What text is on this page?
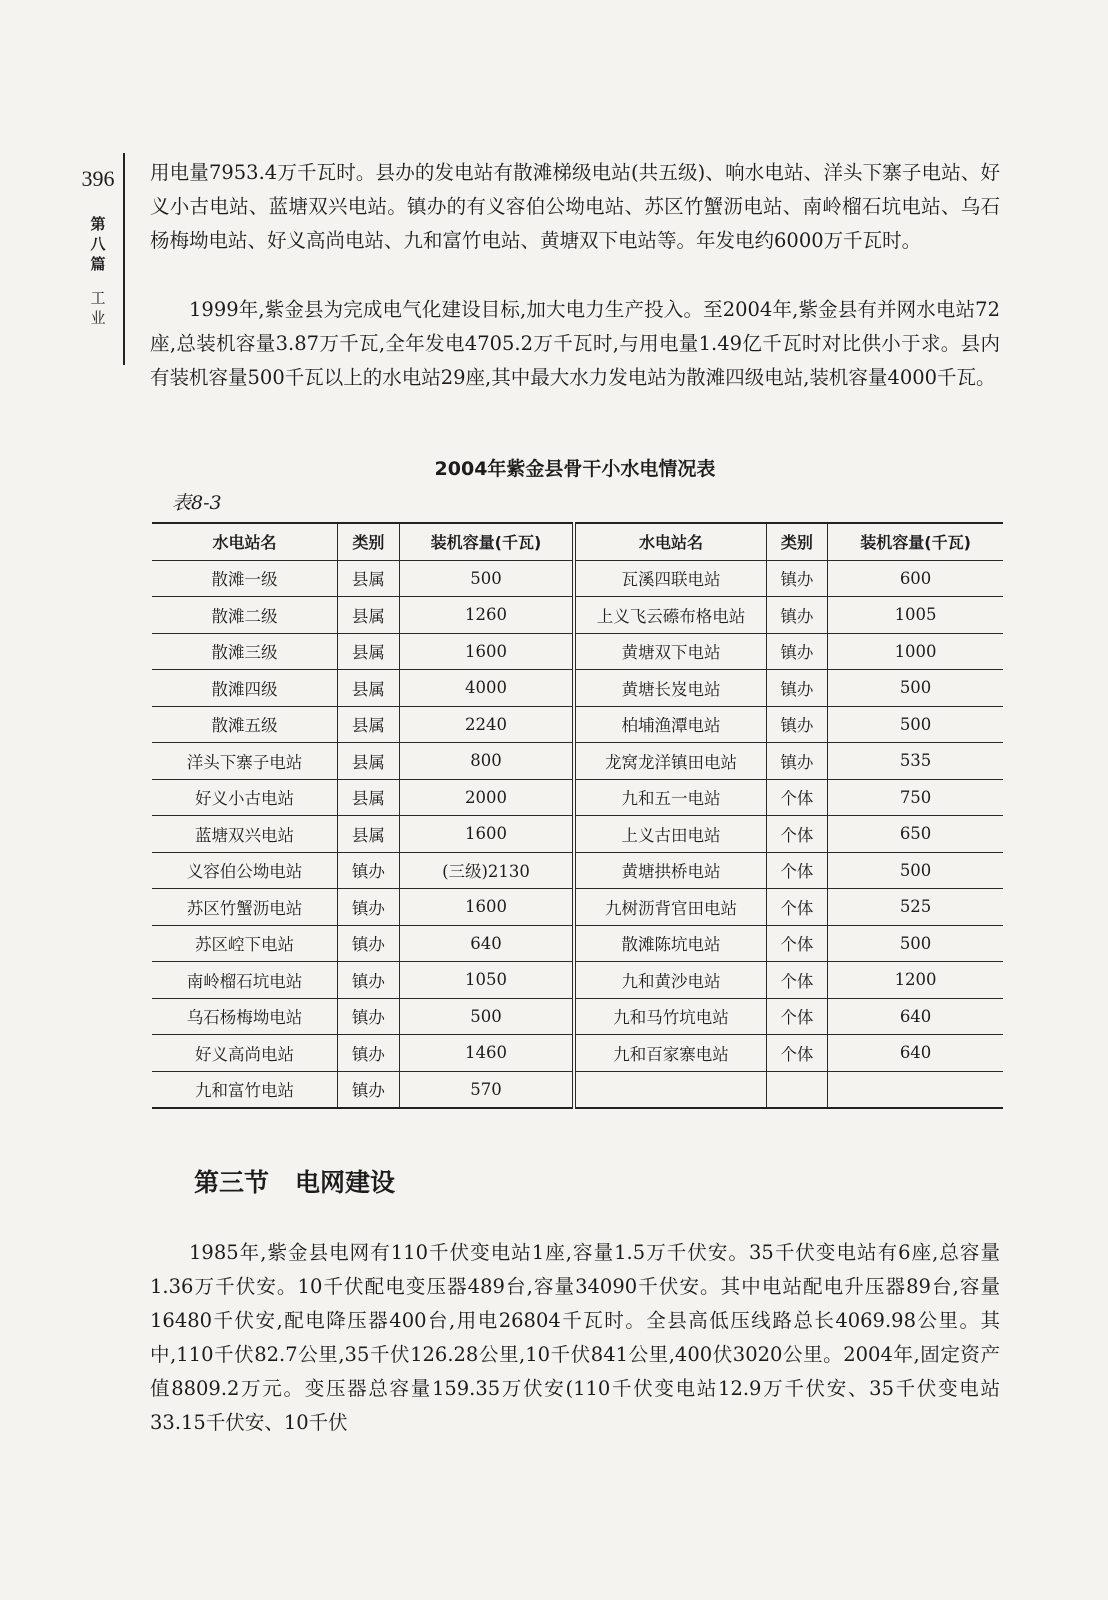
396
第八篇
工业

用电量7953.4万千瓦时。县办的发电站有散滩梯级电站(共五级)、响水电站、洋头下寨子电站、好义小古电站、蓝塘双兴电站。镇办的有义容伯公坳电站、苏区竹蟹沥电站、南岭榴石坑电站、乌石杨梅坳电站、好义高尚电站、九和富竹电站、黄塘双下电站等。年发电约6000万千瓦时。

1999年,紫金县为完成电气化建设目标,加大电力生产投入。至2004年,紫金县有并网水电站72座,总装机容量3.87万千瓦,全年发电4705.2万千瓦时,与用电量1.49亿千瓦时对比供小于求。县内有装机容量500千瓦以上的水电站29座,其中最大水力发电站为散滩四级电站,装机容量4000千瓦。

2004年紫金县骨干小水电情况表
表8-3
水电站名	类别	装机容量(千瓦)	水电站名	类别	装机容量(千瓦)
散滩一级	县属	500	瓦溪四联电站	镇办	600
散滩二级	县属	1260	上义飞云礤布格电站	镇办	1005
散滩三级	县属	1600	黄塘双下电站	镇办	1000
散滩四级	县属	4000	黄塘长岌电站	镇办	500
散滩五级	县属	2240	柏埔渔潭电站	镇办	500
洋头下寨子电站	县属	800	龙窝龙洋镇田电站	镇办	535
好义小古电站	县属	2000	九和五一电站	个体	750
蓝塘双兴电站	县属	1600	上义古田电站	个体	650
义容伯公坳电站	镇办	(三级)2130	黄塘拱桥电站	个体	500
苏区竹蟹沥电站	镇办	1600	九树沥背官田电站	个体	525
苏区崆下电站	镇办	640	散滩陈坑电站	个体	500
南岭榴石坑电站	镇办	1050	九和黄沙电站	个体	1200
乌石杨梅坳电站	镇办	500	九和马竹坑电站	个体	640
好义高尚电站	镇办	1460	九和百家寨电站	个体	640
九和富竹电站	镇办	570			
第三节 电网建设

1985年,紫金县电网有110千伏变电站1座,容量1.5万千伏安。35千伏变电站有6座,总容量1.36万千伏安。10千伏配电变压器489台,容量34090千伏安。其中电站配电升压器89台,容量16480千伏安,配电降压器400台,用电26804千瓦时。全县高低压线路总长4069.98公里。其中,110千伏82.7公里,35千伏126.28公里,10千伏841公里,400伏3020公里。2004年,固定资产值8809.2万元。变压器总容量159.35万伏安(110千伏变电站12.9万千伏安、35千伏变电站33.15千伏安、10千伏
